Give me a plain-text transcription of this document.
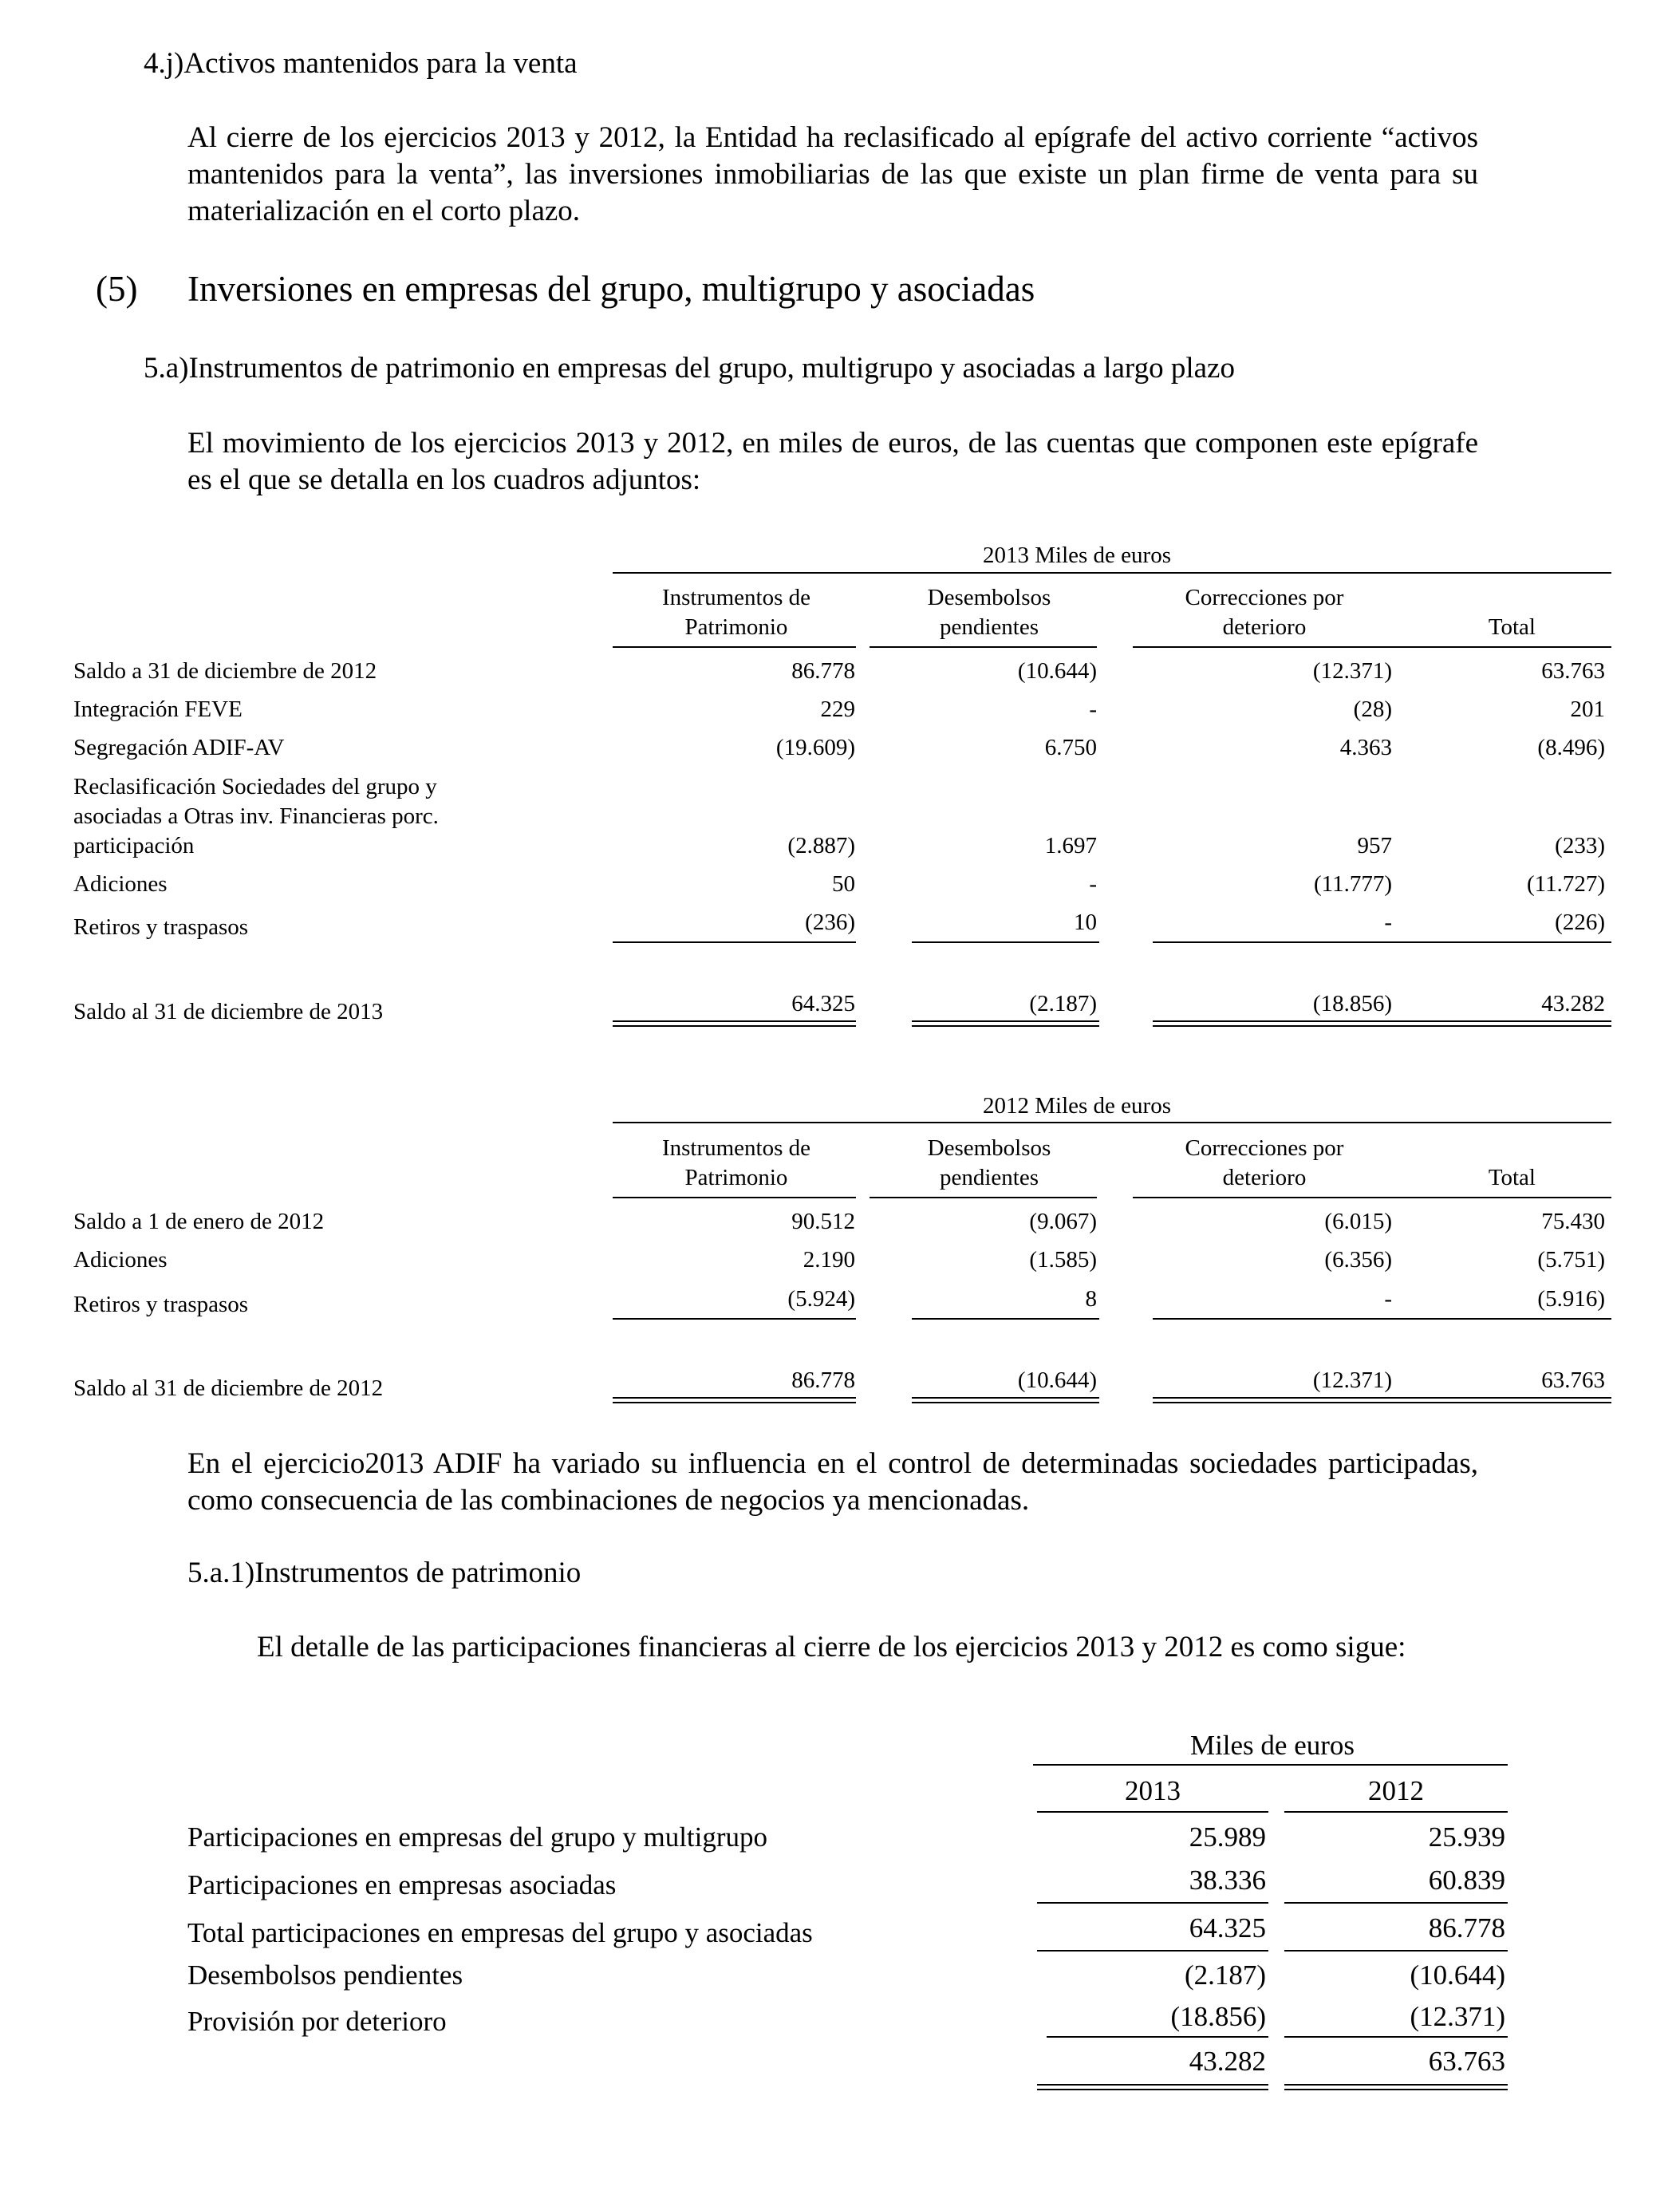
4.j)Activos mantenidos para la venta
Al cierre de los ejercicios 2013 y 2012, la Entidad ha reclasificado al epígrafe del activo corriente “activos mantenidos para la venta”, las inversiones inmobiliarias de las que existe un plan firme de venta para su materialización en el corto plazo.
(5) Inversiones en empresas del grupo, multigrupo y asociadas
5.a)Instrumentos de patrimonio en empresas del grupo, multigrupo y asociadas a largo plazo
El movimiento de los ejercicios 2013 y 2012, en miles de euros, de las cuentas que componen este epígrafe es el que se detalla en los cuadros adjuntos:
2013 Miles de euros
Instrumentos de
Patrimonio
Desembolsos
pendientes
Correcciones por
deterioro	Total
Saldo a 31 de diciembre de 2012	86.778	(10.644)	(12.371)	63.763
Integración FEVE	229	-	(28)	201
Segregación ADIF-AV	(19.609)	6.750	4.363	(8.496)
Reclasificación Sociedades del grupo y
asociadas a Otras inv. Financieras porc.
participación	(2.887)	1.697	957	(233)
Adiciones	50	-	(11.777)	(11.727)
Retiros y traspasos	(236)	10	-	(226)
Saldo al 31 de diciembre de 2013	64.325	(2.187)	(18.856)	43.282
2012 Miles de euros
Instrumentos de
Patrimonio
Desembolsos
pendientes
Correcciones por
deterioro	Total
Saldo a 1 de enero de 2012	90.512	(9.067)	(6.015)	75.430
Adiciones	2.190	(1.585)	(6.356)	(5.751)
Retiros y traspasos	(5.924)	8	-	(5.916)
Saldo al 31 de diciembre de 2012	86.778	(10.644)	(12.371)	63.763
En el ejercicio2013 ADIF ha variado su influencia en el control de determinadas sociedades participadas, como consecuencia de las combinaciones de negocios ya mencionadas.
5.a.1)Instrumentos de patrimonio
El detalle de las participaciones financieras al cierre de los ejercicios 2013 y 2012 es como sigue:
Miles de euros
2013	2012
Participaciones en empresas del grupo y multigrupo	25.989	25.939
Participaciones en empresas asociadas	38.336	60.839
Total participaciones en empresas del grupo y asociadas	64.325	86.778
Desembolsos pendientes	(2.187)	(10.644)
Provisión por deterioro	(18.856)	(12.371)
43.282	63.763
